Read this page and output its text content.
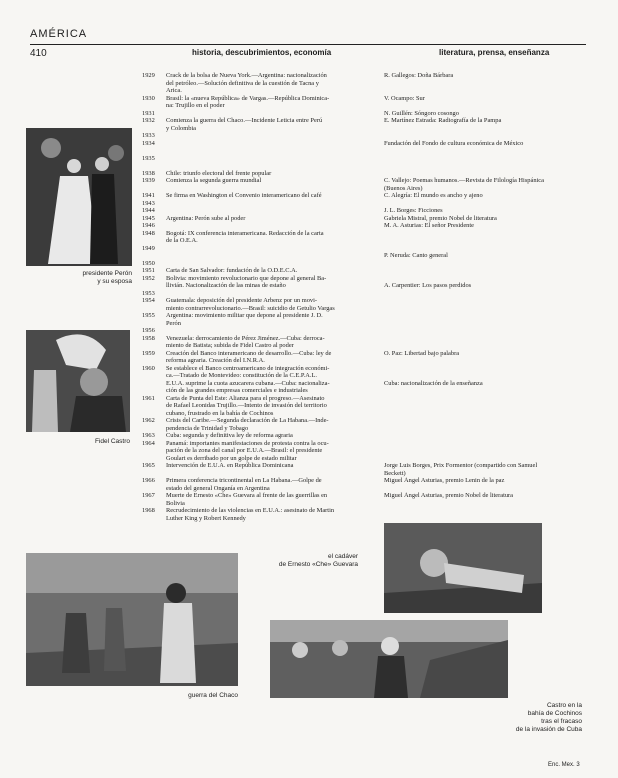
AMÉRICA
410	historia, descubrimientos, economía	literatura, prensa, enseñanza
1929
1930
1931
1932
1933
1934
1935
1938
1939
1941
1943
1944
1945
1946
1948
1949
1950
1951
1952
1953
1954
1955
1956
1958
1959
1960
1961
1962
1963
1964
1965
1966
1967
1968
Crack de la bolsa de Nueva York.—Argentina: nacionalización
del petróleo.—Solución definitiva de la cuestión de Tacna y
Arica.
Brasil: la «nueva República» de Vargas.—República Dominica-
na: Trujillo en el poder
Comienza la guerra del Chaco.—Incidente Leticia entre Perú
y Colombia
Chile: triunfo electoral del frente popular
Comienza la segunda guerra mundial
Se firma en Washington el Convenio interamericano del café
Argentina: Perón sube al poder
Bogotá: IX conferencia interamericana. Redacción de la carta
de la O.E.A.
Carta de San Salvador: fundación de la O.D.E.C.A.
Bolivia: movimiento revolucionario que depone al general Ba-
llivián. Nacionalización de las minas de estaño
Guatemala: deposición del presidente Arbenz por un movi-
miento contrarrevolucionario.—Brasil: suicidio de Getulio Vargas
Argentina: movimiento militar que depone al presidente J. D.
Perón
Venezuela: derrocamiento de Pérez Jiménez.—Cuba: derroca-
miento de Batista; subida de Fidel Castro al poder
Creación del Banco interamericano de desarrollo.—Cuba: ley de
reforma agraria. Creación del I.N.R.A.
Se establece el Banco centroamericano de integración económi-
ca.—Tratado de Montevideo: constitución de la C.E.P.A.L.
E.U.A. suprime la cuota azucarera cubana.—Cuba: nacionaliza-
ción de las grandes empresas comerciales e industriales
Carta de Punta del Este: Alianza para el progreso.—Asesinato
de Rafael Leonidas Trujillo.—Intento de invasión del territorio
cubano, frustrado en la bahía de Cochinos
Crisis del Caribe.—Segunda declaración de La Habana.—Inde-
pendencia de Trinidad y Tobago
Cuba: segunda y definitiva ley de reforma agraria
Panamá: importantes manifestaciones de protesta contra la ocu-
pación de la zona del canal por E.U.A.—Brasil: el presidente
Goulart es derribado por un golpe de estado militar
Intervención de E.U.A. en República Dominicana
Primera conferencia tricontinental en La Habana.—Golpe de
estado del general Onganía en Argentina
Muerte de Ernesto «Che» Guevara al frente de las guerrillas en
Bolivia
Recrudecimiento de las violencias en E.U.A.: asesinato de Martin
Luther King y Robert Kennedy
R. Gallegos: Doña Bárbara
V. Ocampo: Sur
N. Guillén: Sóngoro cosongo
E. Martínez Estrada: Radiografía de la Pampa
Fundación del Fondo de cultura económica de México
C. Vallejo: Poemas humanos.—Revista de Filología Hispánica
(Buenos Aires)
C. Alegría: El mundo es ancho y ajeno
J. L. Borges: Ficciones
Gabriela Mistral, premio Nobel de literatura
M. A. Asturias: El señor Presidente
P. Neruda: Canto general
A. Carpentier: Los pasos perdidos
O. Paz: Libertad bajo palabra
Cuba: nacionalización de la enseñanza
Jorge Luis Borges, Prix Formentor (compartido con Samuel
Beckett)
Miguel Ángel Asturias, premio Lenin de la paz
Miguel Ángel Asturias, premio Nobel de literatura
presidente Perón
y su esposa
Fidel Castro
el cadáver
de Ernesto «Che» Guevara
guerra del Chaco
Castro en la
bahía de Cochinos
tras el fracaso
de la invasión de Cuba
Enc. Mex. 3
